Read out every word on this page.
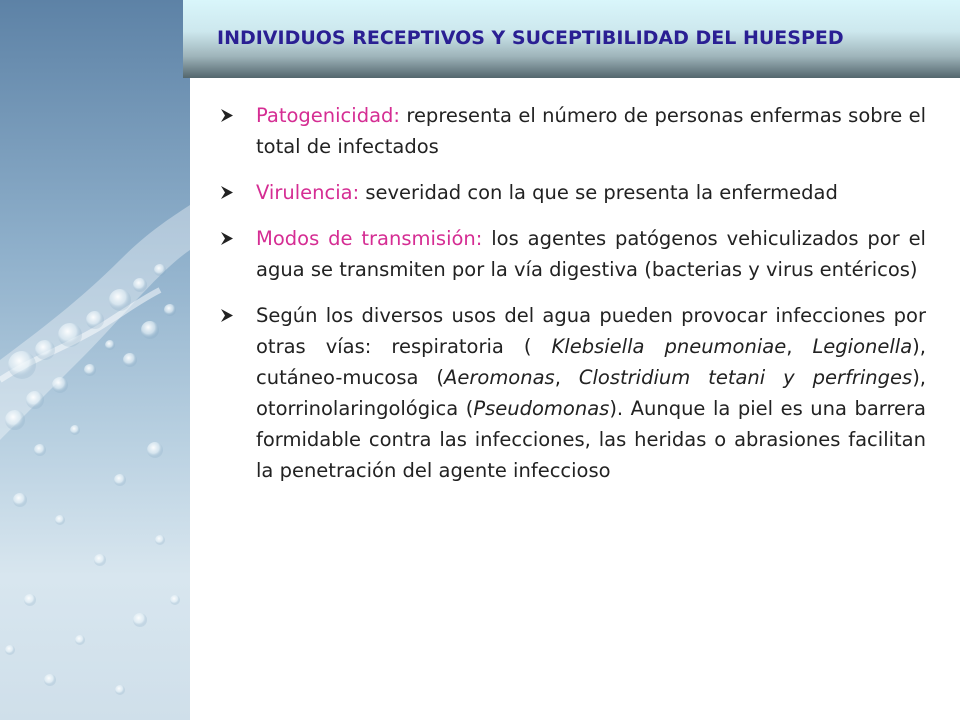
INDIVIDUOS RECEPTIVOS Y SUCEPTIBILIDAD DEL HUESPED
Patogenicidad: representa el número de personas enfermas sobre el total de infectados
Virulencia: severidad con la que se presenta la enfermedad
Modos de transmisión: los agentes patógenos vehiculizados por el agua se transmiten por la vía digestiva (bacterias y virus entéricos)
Según los diversos usos del agua pueden provocar infecciones por otras vías: respiratoria ( Klebsiella pneumoniae, Legionella), cutáneo-mucosa (Aeromonas, Clostridium tetani y perfringes), otorrinolaringológica (Pseudomonas). Aunque la piel es una barrera formidable contra las infecciones, las heridas o abrasiones facilitan la penetración del agente infeccioso
